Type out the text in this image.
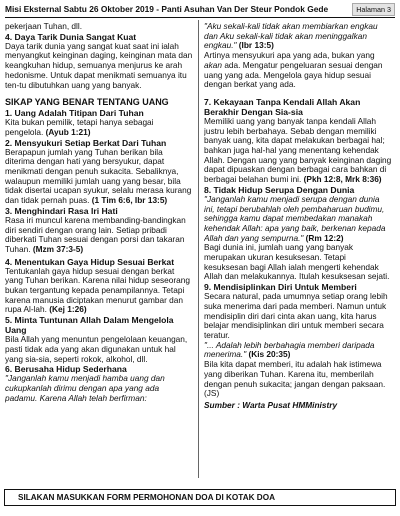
Misi Eksternal Sabtu 26 Oktober 2019 - Panti Asuhan Van Der Steur Pondok Gede	Halaman 3

pekerjaan Tuhan, dll.

4. Daya Tarik Dunia Sangat Kuat

Daya tarik dunia yang sangat kuat saat ini ialah menyangkut keinginan daging, keinginan mata dan keangkuhan hidup, semuanya menjurus ke arah hedonisme. Untuk dapat menikmati semuanya itu ten-tu dibutuhkan uang yang banyak.

SIKAP YANG BENAR TENTANG UANG
1. Uang Adalah Titipan Dari Tuhan

Kita bukan pemilik, tetapi hanya sebagai pengelola. (Ayub 1:21)

2. Mensyukuri Setiap Berkat Dari Tuhan

Berapapun jumlah yang Tuhan berikan bila diterima dengan hati yang bersyukur, dapat menikmati dengan penuh sukacita. Sebaliknya, walaupun memiliki jumlah uang yang besar, bila tidak disertai ucapan syukur, selalu merasa kurang dan tidak pernah puas. (1 Tim 6:6, Ibr 13:5)

3. Menghindari Rasa Iri Hati

Rasa iri muncul karena membanding-bandingkan diri sendiri dengan orang lain. Setiap pribadi diberkati Tuhan sesuai dengan porsi dan takaran Tuhan. (Mzm 37:3-5)

4. Menentukan Gaya Hidup Sesuai Berkat

Tentukanlah gaya hidup sesuai dengan berkat yang Tuhan berikan. Karena nilai hidup seseorang bukan tergantung kepada penampilannya. Tetapi karena manusia diciptakan menurut gambar dan rupa Al-lah. (Kej 1:26)

5. Minta Tuntunan Allah Dalam Mengelola Uang

Bila Allah yang menuntun pengelolaan keuangan, pasti tidak ada yang akan digunakan untuk hal yang sia-sia, seperti rokok, alkohol, dll.

6. Berusaha Hidup Sederhana

"Janganlah kamu menjadi hamba uang dan cukupkanlah dirimu dengan apa yang ada padamu. Karena Allah telah berfirman:

"Aku sekali-kali tidak akan membiarkan engkau dan Aku sekali-kali tidak akan meninggalkan engkau." (Ibr 13:5)

Artinya mensyukuri apa yang ada, bukan yang akan ada. Mengatur pengeluaran sesuai dengan uang yang ada. Mengelola gaya hidup sesuai dengan berkat yang ada.

7. Kekayaan Tanpa Kendali Allah Akan Berakhir Dengan Sia-sia

Memiliki uang yang banyak tanpa kendali Allah justru lebih berbahaya. Sebab dengan memiliki banyak uang, kita dapat melakukan berbagai hal; bahkan juga hal-hal yang menentang kehendak Allah. Dengan uang yang banyak keinginan daging dapat dipuaskan dengan berbagai cara bahkan di berbagai belahan bumi ini. (Pkh 12:8, Mrk 8:36)

8. Tidak Hidup Serupa Dengan Dunia

"Janganlah kamu menjadi serupa dengan dunia ini, tetapi berubahlah oleh pembaharuan budimu, sehingga kamu dapat membedakan manakah kehendak Allah: apa yang baik, berkenan kepada Allah dan yang sempurna." (Rm 12:2)

Bagi dunia ini, jumlah uang yang banyak merupakan ukuran kesuksesan. Tetapi kesuksesan bagi Allah ialah mengerti kehendak Allah dan melakukannya. Itulah kesuksesan sejati.

9. Mendisiplinkan Diri Untuk Memberi

Secara natural, pada umumnya setiap orang lebih suka menerima dari pada memberi. Namun untuk mendisiplin diri dari cinta akan uang, kita harus belajar mendisiplinkan diri untuk memberi secara teratur.

"... Adalah lebih berbahagia memberi daripada menerima." (Kis 20:35)

Bila kita dapat memberi, itu adalah hak istimewa yang diberikan Tuhan. Karena itu, memberilah dengan penuh sukacita; jangan dengan paksaan. (JS)

Sumber : Warta Pusat HMMinistry

SILAKAN MASUKKAN FORM PERMOHONAN DOA DI KOTAK DOA
